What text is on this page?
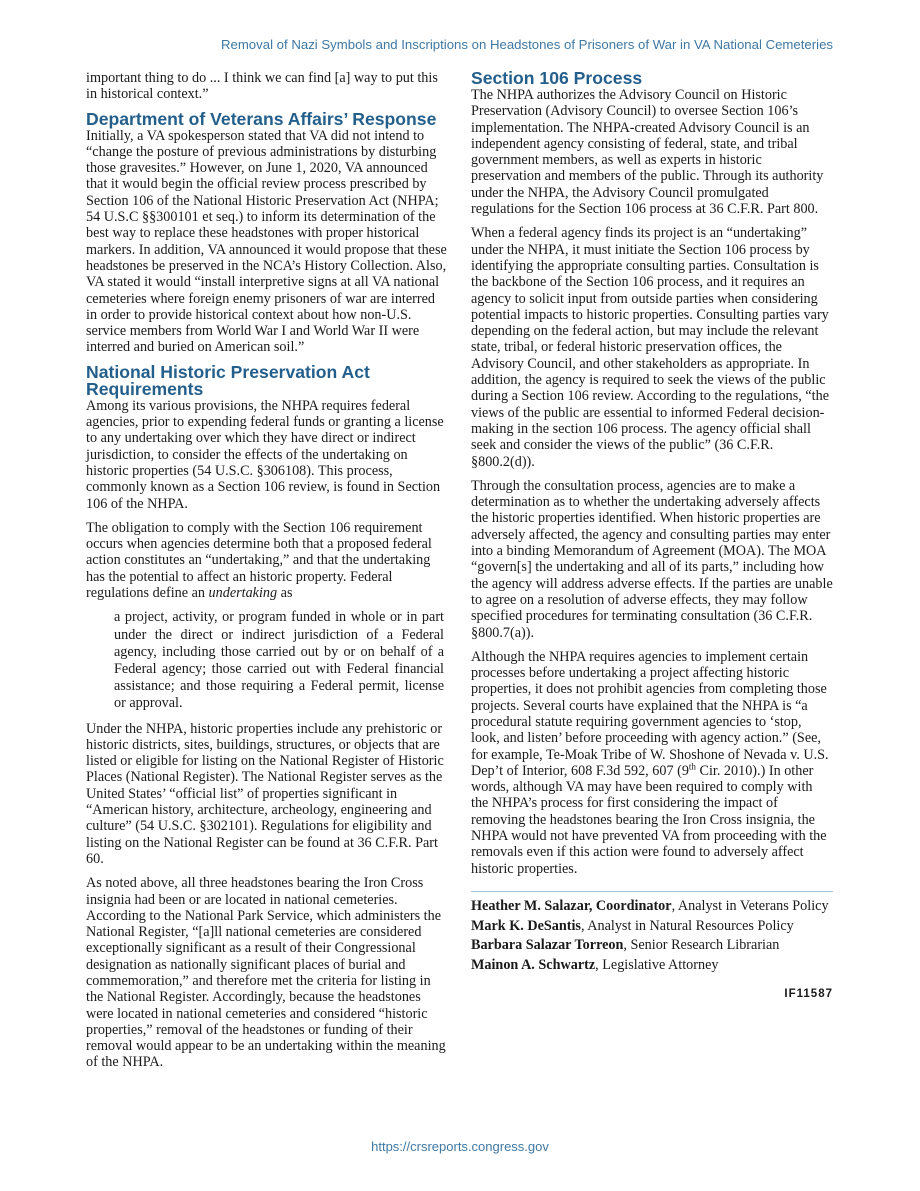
Removal of Nazi Symbols and Inscriptions on Headstones of Prisoners of War in VA National Cemeteries

important thing to do ... I think we can find [a] way to put this in historical context.”

Department of Veterans Affairs’ Response

Initially, a VA spokesperson stated that VA did not intend to “change the posture of previous administrations by disturbing those gravesites.” However, on June 1, 2020, VA announced that it would begin the official review process prescribed by Section 106 of the National Historic Preservation Act (NHPA; 54 U.S.C §§300101 et seq.) to inform its determination of the best way to replace these headstones with proper historical markers. In addition, VA announced it would propose that these headstones be preserved in the NCA’s History Collection. Also, VA stated it would “install interpretive signs at all VA national cemeteries where foreign enemy prisoners of war are interred in order to provide historical context about how non-U.S. service members from World War I and World War II were interred and buried on American soil.”

National Historic Preservation Act Requirements

Among its various provisions, the NHPA requires federal agencies, prior to expending federal funds or granting a license to any undertaking over which they have direct or indirect jurisdiction, to consider the effects of the undertaking on historic properties (54 U.S.C. §306108). This process, commonly known as a Section 106 review, is found in Section 106 of the NHPA.

The obligation to comply with the Section 106 requirement occurs when agencies determine both that a proposed federal action constitutes an “undertaking,” and that the undertaking has the potential to affect an historic property. Federal regulations define an undertaking as

a project, activity, or program funded in whole or in part under the direct or indirect jurisdiction of a Federal agency, including those carried out by or on behalf of a Federal agency; those carried out with Federal financial assistance; and those requiring a Federal permit, license or approval.

Under the NHPA, historic properties include any prehistoric or historic districts, sites, buildings, structures, or objects that are listed or eligible for listing on the National Register of Historic Places (National Register). The National Register serves as the United States’ “official list” of properties significant in “American history, architecture, archeology, engineering and culture” (54 U.S.C. §302101). Regulations for eligibility and listing on the National Register can be found at 36 C.F.R. Part 60.

As noted above, all three headstones bearing the Iron Cross insignia had been or are located in national cemeteries. According to the National Park Service, which administers the National Register, “[a]ll national cemeteries are considered exceptionally significant as a result of their Congressional designation as nationally significant places of burial and commemoration,” and therefore met the criteria for listing in the National Register. Accordingly, because the headstones were located in national cemeteries and considered “historic properties,” removal of the headstones or funding of their removal would appear to be an undertaking within the meaning of the NHPA.

Section 106 Process

The NHPA authorizes the Advisory Council on Historic Preservation (Advisory Council) to oversee Section 106’s implementation. The NHPA-created Advisory Council is an independent agency consisting of federal, state, and tribal government members, as well as experts in historic preservation and members of the public. Through its authority under the NHPA, the Advisory Council promulgated regulations for the Section 106 process at 36 C.F.R. Part 800.

When a federal agency finds its project is an “undertaking” under the NHPA, it must initiate the Section 106 process by identifying the appropriate consulting parties. Consultation is the backbone of the Section 106 process, and it requires an agency to solicit input from outside parties when considering potential impacts to historic properties. Consulting parties vary depending on the federal action, but may include the relevant state, tribal, or federal historic preservation offices, the Advisory Council, and other stakeholders as appropriate. In addition, the agency is required to seek the views of the public during a Section 106 review. According to the regulations, “the views of the public are essential to informed Federal decision-making in the section 106 process. The agency official shall seek and consider the views of the public” (36 C.F.R. §800.2(d)).

Through the consultation process, agencies are to make a determination as to whether the undertaking adversely affects the historic properties identified. When historic properties are adversely affected, the agency and consulting parties may enter into a binding Memorandum of Agreement (MOA). The MOA “govern[s] the undertaking and all of its parts,” including how the agency will address adverse effects. If the parties are unable to agree on a resolution of adverse effects, they may follow specified procedures for terminating consultation (36 C.F.R. §800.7(a)).

Although the NHPA requires agencies to implement certain processes before undertaking a project affecting historic properties, it does not prohibit agencies from completing those projects. Several courts have explained that the NHPA is “a procedural statute requiring government agencies to ‘stop, look, and listen’ before proceeding with agency action.” (See, for example, Te-Moak Tribe of W. Shoshone of Nevada v. U.S. Dep’t of Interior, 608 F.3d 592, 607 (9th Cir. 2010).) In other words, although VA may have been required to comply with the NHPA’s process for first considering the impact of removing the headstones bearing the Iron Cross insignia, the NHPA would not have prevented VA from proceeding with the removals even if this action were found to adversely affect historic properties.

Heather M. Salazar, Coordinator, Analyst in Veterans Policy

Mark K. DeSantis, Analyst in Natural Resources Policy

Barbara Salazar Torreon, Senior Research Librarian

Mainon A. Schwartz, Legislative Attorney

IF11587
https://crsreports.congress.gov
